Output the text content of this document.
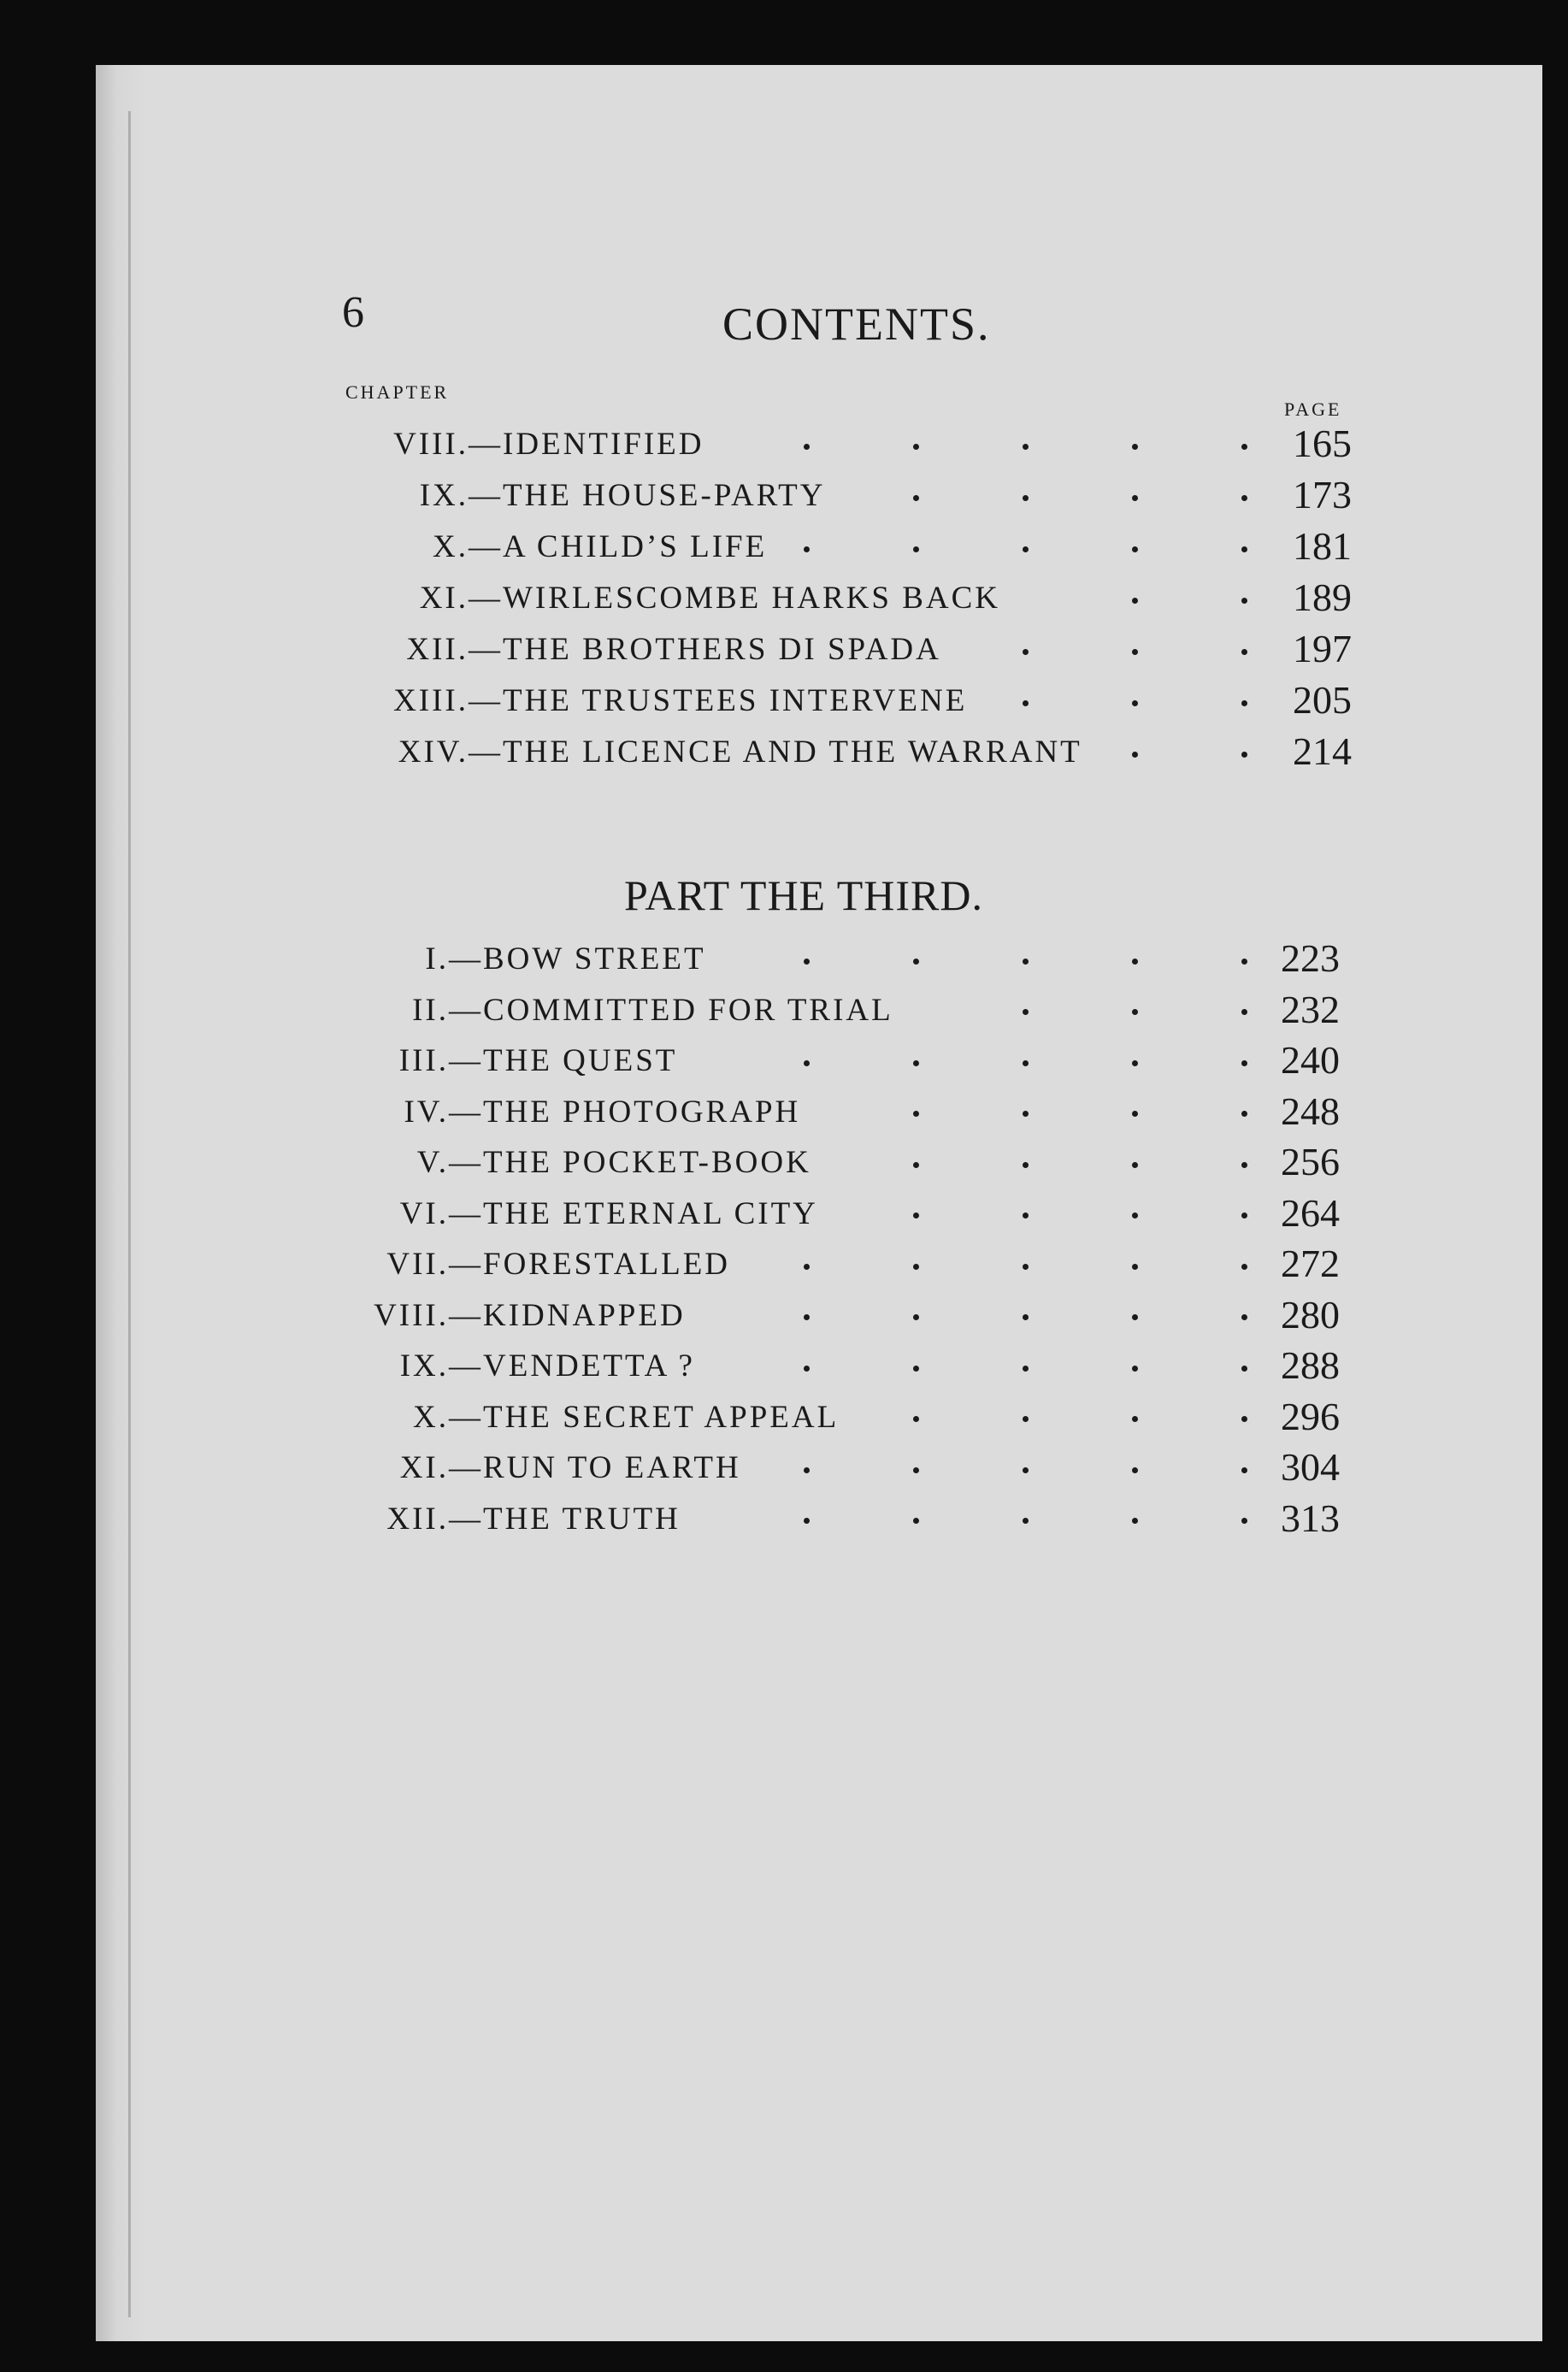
6	CONTENTS.
CHAPTER
PAGE
PART THE THIRD.
VIII.—IDENTIFIED	165
IX.—THE HOUSE-PARTY	173
X.—A CHILD’S LIFE	181
XI.—WIRLESCOMBE HARKS BACK	189
XII.—THE BROTHERS DI SPADA	197
XIII.—THE TRUSTEES INTERVENE	205
XIV.—THE LICENCE AND THE WARRANT	214
I.—BOW STREET	223
II.—COMMITTED FOR TRIAL	232
III.—THE QUEST	240
IV.—THE PHOTOGRAPH	248
V.—THE POCKET-BOOK	256
VI.—THE ETERNAL CITY	264
VII.—FORESTALLED	272
VIII.—KIDNAPPED	280
IX.—VENDETTA ?	288
X.—THE SECRET APPEAL	296
XI.—RUN TO EARTH	304
XII.—THE TRUTH	313
